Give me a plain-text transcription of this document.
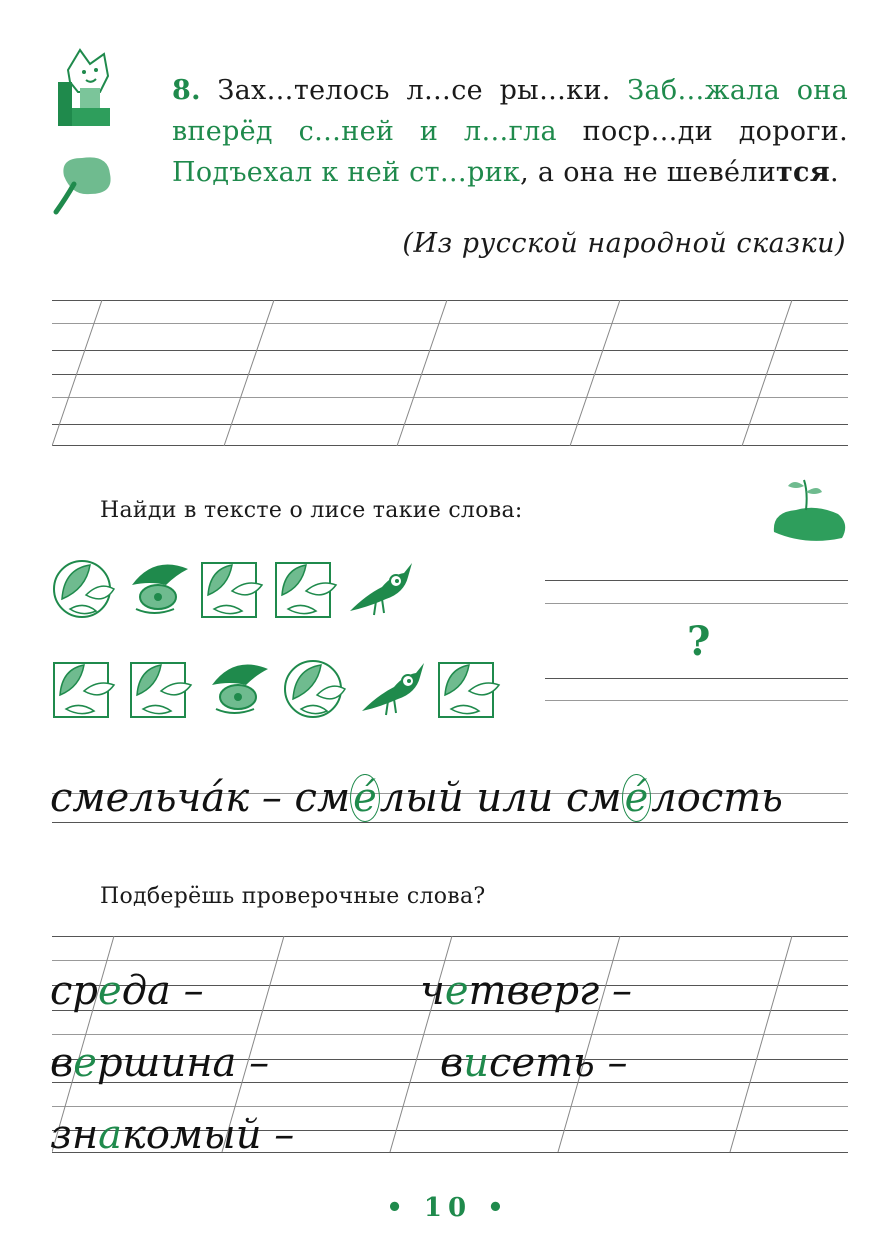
8. Зах…телось л…се ры…ки. Заб…жала она вперёд с…ней и л…гла поср…ди дороги. Подъехал к ней ст…рик, а она не шевéлится.
(Из русской народной сказки)
Найди в тексте о лисе такие слова:
?
смельча́к – сме́лый или сме́лость
Подберёшь проверочные слова?
среда –	четверг –
вершина –	висеть –
знакомый –
• 10 •
